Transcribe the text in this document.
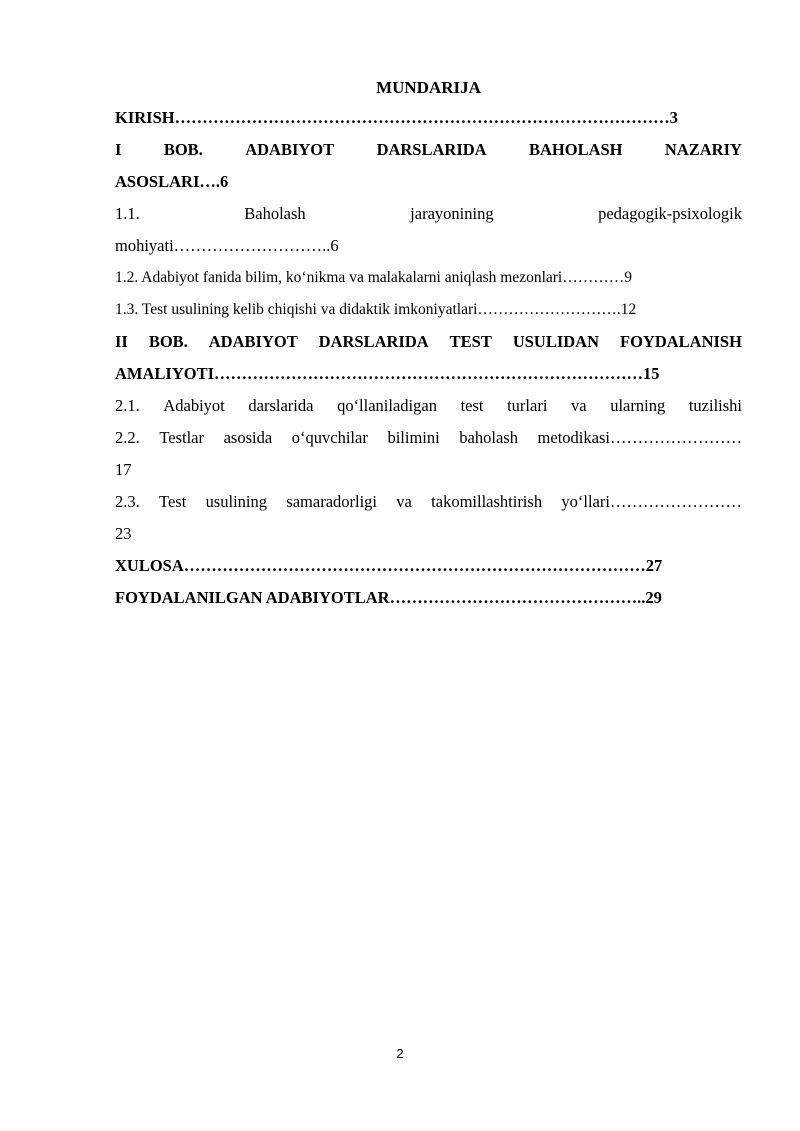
MUNDARIJA

KIRISH………………………………………………………………………………3

I	BOB.	ADABIYOT	DARSLARIDA	BAHOLASH	NAZARIY

ASOSLARI….6

1.1.	Baholash	jarayonining	pedagogik-psixologik

mohiyati………………………..6

1.2. Adabiyot fanida bilim, ko‘nikma va malakalarni aniqlash mezonlari…………9

1.3. Test usulining kelib chiqishi va didaktik imkoniyatlari……………………….12

II BOB. ADABIYOT DARSLARIDA TEST USULIDAN FOYDALANISH

AMALIYOTI……………………………………………………………………15

2.1. Adabiyot darslarida qo‘llaniladigan test turlari va ularning tuzilishi
2.2. Testlar asosida o‘quvchilar bilimini baholash metodikasi……………………

17

2.3. Test usulining samaradorligi va takomillashtirish yo‘llari……………………

23

XULOSA…………………………………………………………………………27

FOYDALANILGAN ADABIYOTLAR………………………………………..29

2
